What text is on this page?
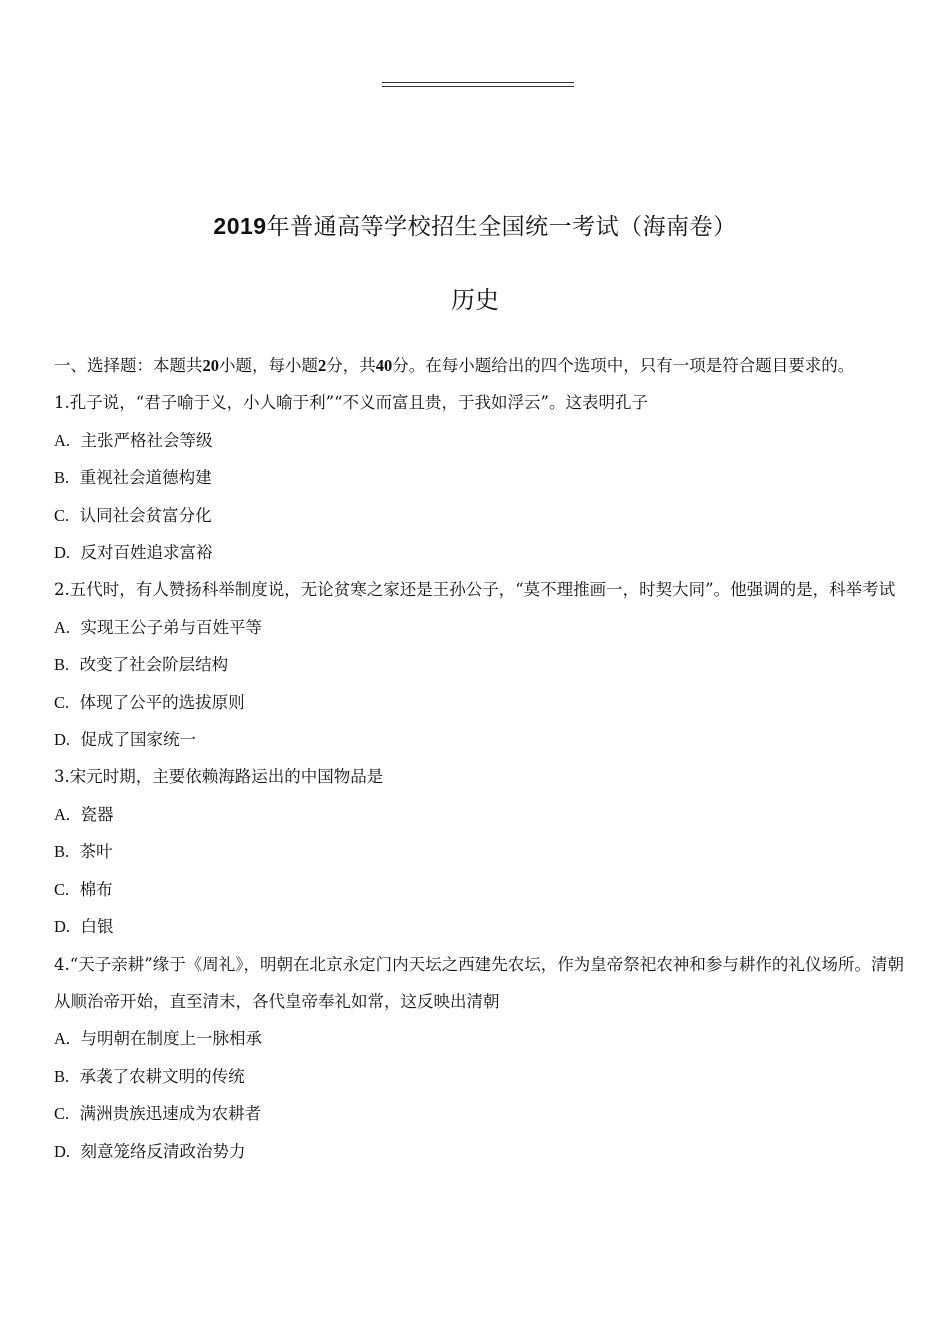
2019年普通高等学校招生全国统一考试（海南卷）
历史
一、选择题：本题共20小题，每小题2分，共40分。在每小题给出的四个选项中，只有一项是符合题目要求的。
1.孔子说，“君子喻于义，小人喻于利”“不义而富且贵，于我如浮云”。这表明孔子
A. 主张严格社会等级
B. 重视社会道德构建
C. 认同社会贫富分化
D. 反对百姓追求富裕
2.五代时，有人赞扬科举制度说，无论贫寒之家还是王孙公子，“莫不理推画一，时契大同”。他强调的是，科举考试
A. 实现王公子弟与百姓平等
B. 改变了社会阶层结构
C. 体现了公平的选拔原则
D. 促成了国家统一
3.宋元时期，主要依赖海路运出的中国物品是
A. 瓷器
B. 茶叶
C. 棉布
D. 白银
4.“天子亲耕”缘于《周礼》，明朝在北京永定门内天坛之西建先农坛，作为皇帝祭祀农神和参与耕作的礼仪场所。清朝从顺治帝开始，直至清末，各代皇帝奉礼如常，这反映出清朝
A. 与明朝在制度上一脉相承
B. 承袭了农耕文明的传统
C. 满洲贵族迅速成为农耕者
D. 刻意笼络反清政治势力
